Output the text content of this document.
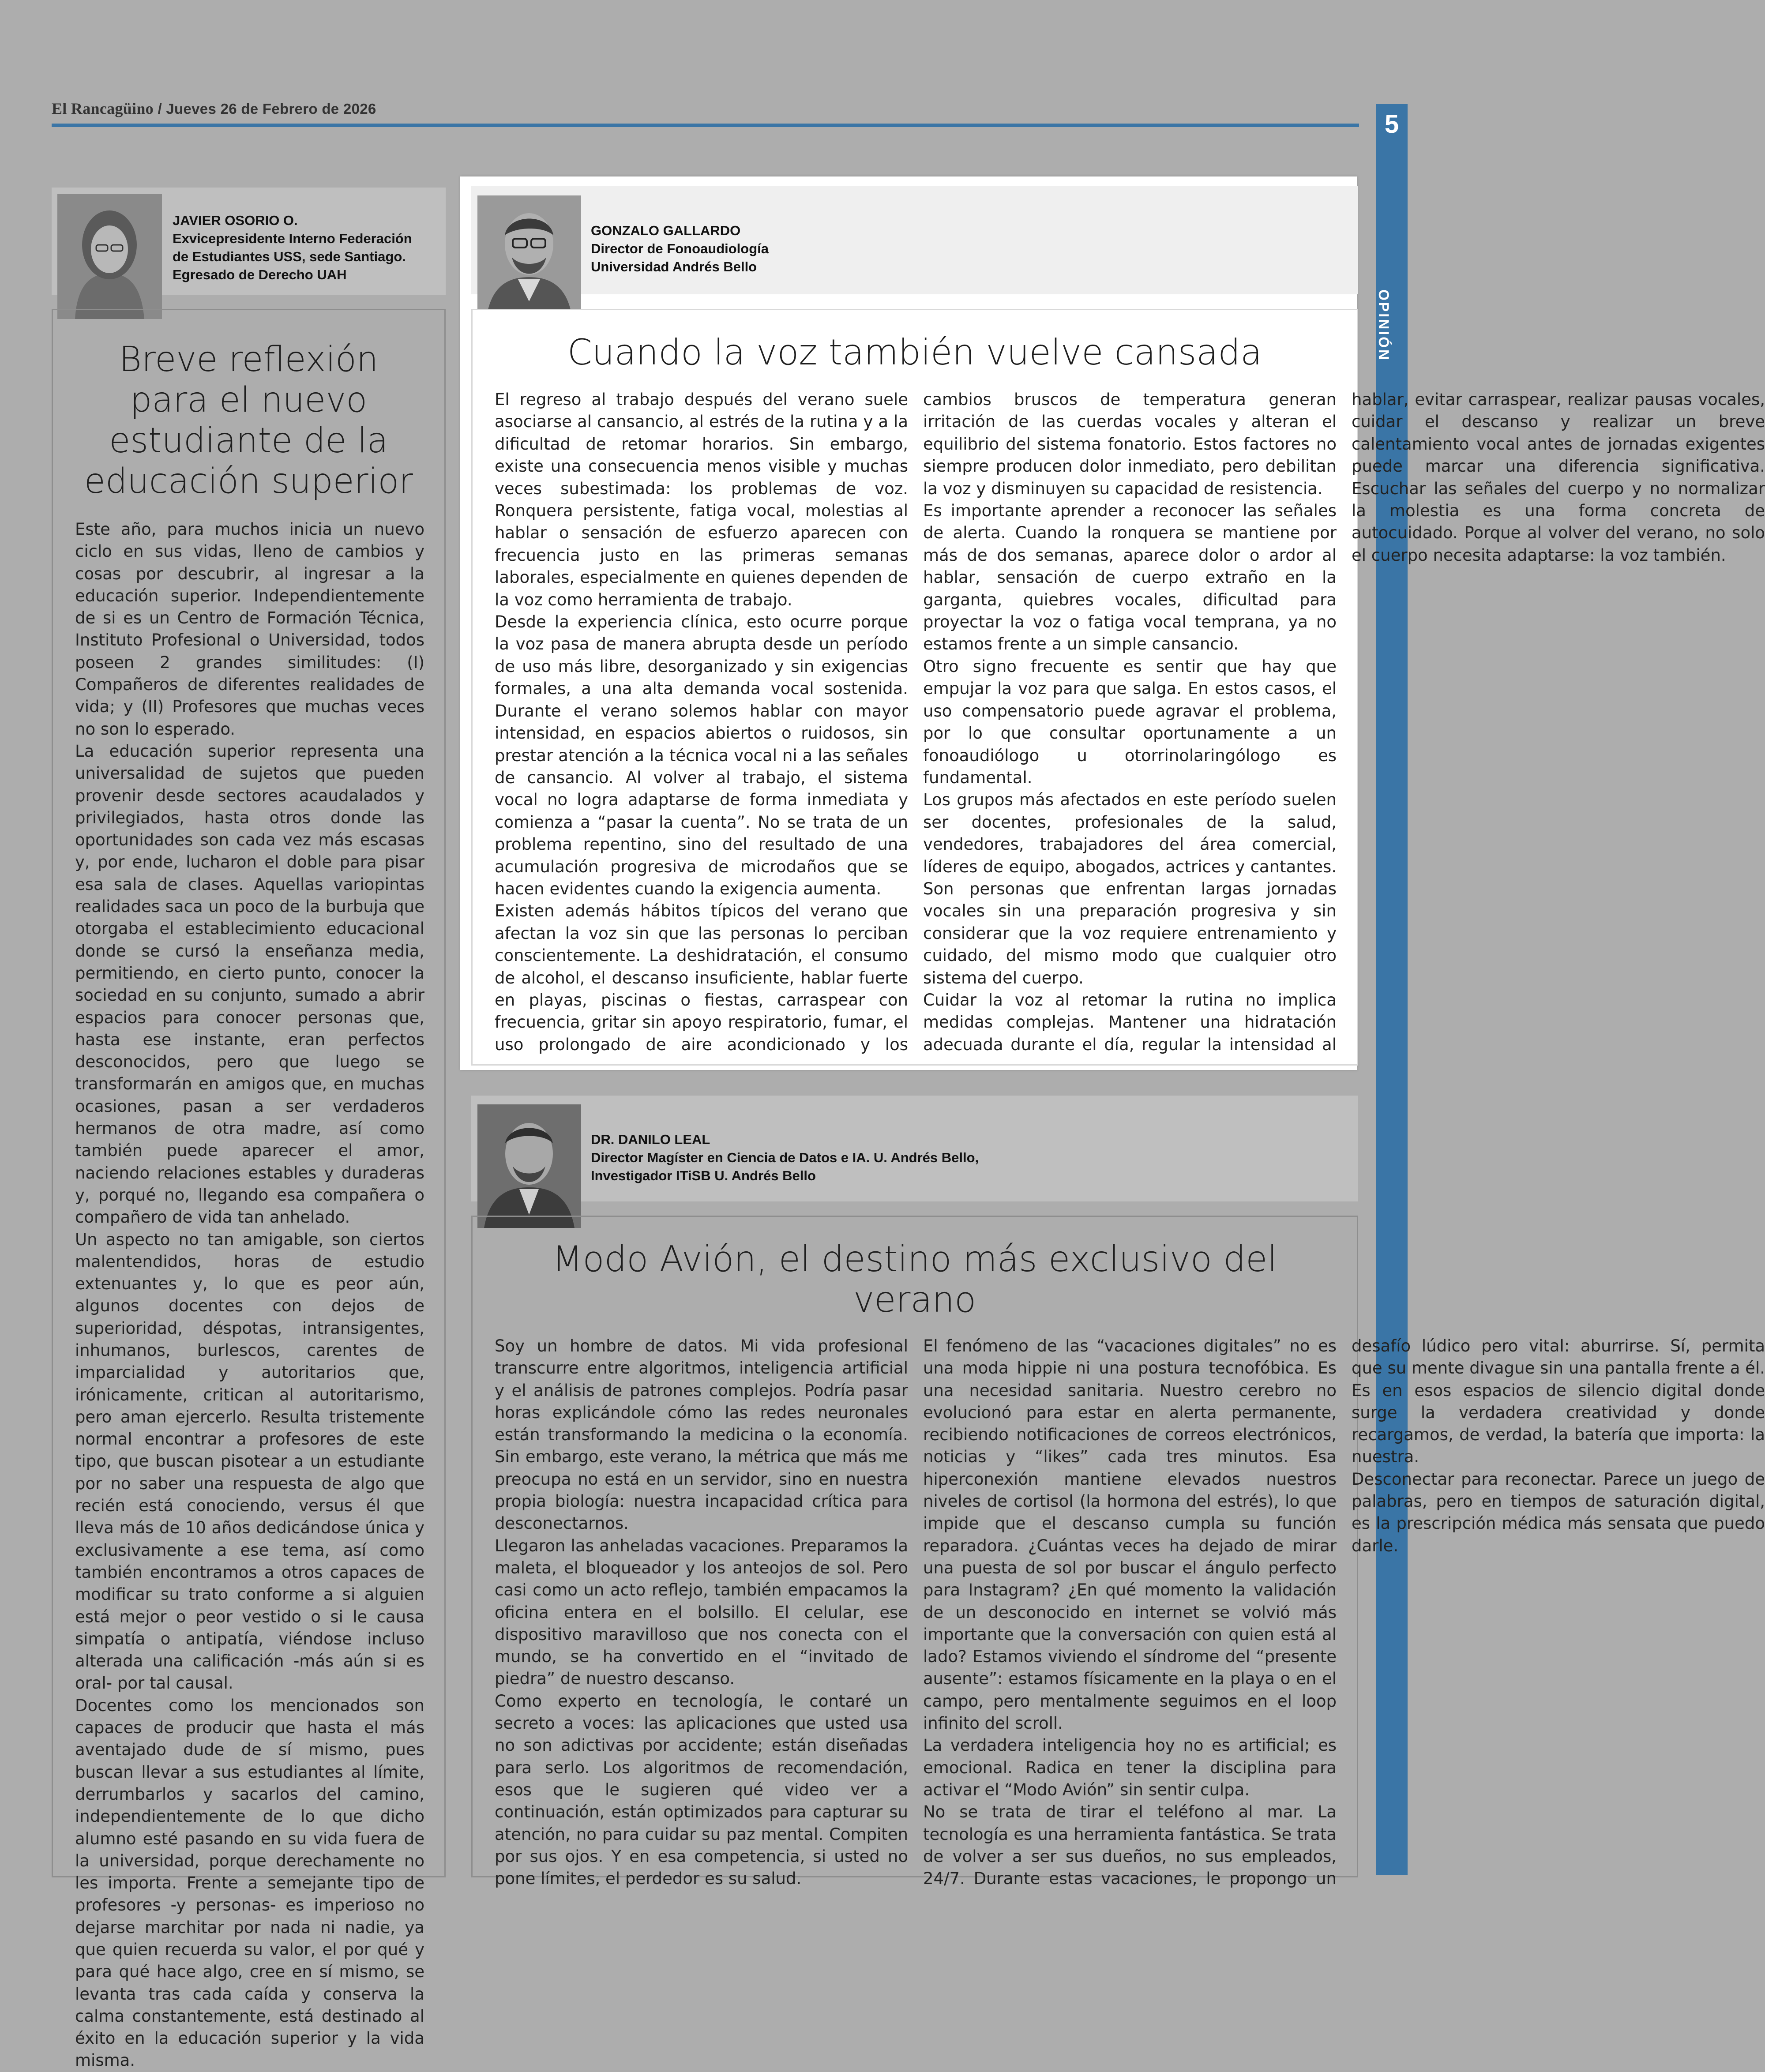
El Rancagüino / Jueves 26 de Febrero de 2026
5
OPINIÓN
JAVIER OSORIO O.
Exvicepresidente Interno Federación
de Estudiantes USS, sede Santiago.
Egresado de Derecho UAH
Breve reflexión para el nuevo estudiante de la educación superior

Este año, para muchos inicia un nuevo ciclo en sus vidas, lleno de cambios y cosas por descubrir, al ingresar a la educación superior. Independientemente de si es un Centro de Formación Técnica, Instituto Profesional o Universidad, todos poseen 2 grandes similitudes: (I) Compañeros de diferentes realidades de vida; y (II) Profesores que muchas veces no son lo esperado.

La educación superior representa una universalidad de sujetos que pueden provenir desde sectores acaudalados y privilegiados, hasta otros donde las oportunidades son cada vez más escasas y, por ende, lucharon el doble para pisar esa sala de clases. Aquellas variopintas realidades saca un poco de la burbuja que otorgaba el establecimiento educacional donde se cursó la enseñanza media, permitiendo, en cierto punto, conocer la sociedad en su conjunto, sumado a abrir espacios para conocer personas que, hasta ese instante, eran perfectos desconocidos, pero que luego se transformarán en amigos que, en muchas ocasiones, pasan a ser verdaderos hermanos de otra madre, así como también puede aparecer el amor, naciendo relaciones estables y duraderas y, porqué no, llegando esa compañera o compañero de vida tan anhelado.

Un aspecto no tan amigable, son ciertos malentendidos, horas de estudio extenuantes y, lo que es peor aún, algunos docentes con dejos de superioridad, déspotas, intransigentes, inhumanos, burlescos, carentes de imparcialidad y autoritarios que, irónicamente, critican al autoritarismo, pero aman ejercerlo. Resulta tristemente normal encontrar a profesores de este tipo, que buscan pisotear a un estudiante por no saber una respuesta de algo que recién está conociendo, versus él que lleva más de 10 años dedicándose única y exclusivamente a ese tema, así como también encontramos a otros capaces de modificar su trato conforme a si alguien está mejor o peor vestido o si le causa simpatía o antipatía, viéndose incluso alterada una calificación -más aún si es oral- por tal causal.

Docentes como los mencionados son capaces de producir que hasta el más aventajado dude de sí mismo, pues buscan llevar a sus estudiantes al límite, derrumbarlos y sacarlos del camino, independientemente de lo que dicho alumno esté pasando en su vida fuera de la universidad, porque derechamente no les importa. Frente a semejante tipo de profesores -y personas- es imperioso no dejarse marchitar por nada ni nadie, ya que quien recuerda su valor, el por qué y para qué hace algo, cree en sí mismo, se levanta tras cada caída y conserva la calma constantemente, está destinado al éxito en la educación superior y la vida misma.

GONZALO GALLARDO
Director de Fonoaudiología
Universidad Andrés Bello
Cuando la voz también vuelve cansada

El regreso al trabajo después del verano suele asociarse al cansancio, al estrés de la rutina y a la dificultad de retomar horarios. Sin embargo, existe una consecuencia menos visible y muchas veces subestimada: los problemas de voz. Ronquera persistente, fatiga vocal, molestias al hablar o sensación de esfuerzo aparecen con frecuencia justo en las primeras semanas laborales, especialmente en quienes dependen de la voz como herramienta de trabajo.

Desde la experiencia clínica, esto ocurre porque la voz pasa de manera abrupta desde un período de uso más libre, desorganizado y sin exigencias formales, a una alta demanda vocal sostenida. Durante el verano solemos hablar con mayor intensidad, en espacios abiertos o ruidosos, sin prestar atención a la técnica vocal ni a las señales de cansancio. Al volver al trabajo, el sistema vocal no logra adaptarse de forma inmediata y comienza a “pasar la cuenta”. No se trata de un problema repentino, sino del resultado de una acumulación progresiva de microdaños que se hacen evidentes cuando la exigencia aumenta.

Existen además hábitos típicos del verano que afectan la voz sin que las personas lo perciban conscientemente. La deshidratación, el consumo de alcohol, el descanso insuficiente, hablar fuerte en playas, piscinas o fiestas, carraspear con frecuencia, gritar sin apoyo respiratorio, fumar, el uso prolongado de aire acondicionado y los cambios bruscos de temperatura generan irritación de las cuerdas vocales y alteran el equilibrio del sistema fonatorio. Estos factores no siempre producen dolor inmediato, pero debilitan la voz y disminuyen su capacidad de resistencia.

Es importante aprender a reconocer las señales de alerta. Cuando la ronquera se mantiene por más de dos semanas, aparece dolor o ardor al hablar, sensación de cuerpo extraño en la garganta, quiebres vocales, dificultad para proyectar la voz o fatiga vocal temprana, ya no estamos frente a un simple cansancio.

Otro signo frecuente es sentir que hay que empujar la voz para que salga. En estos casos, el uso compensatorio puede agravar el problema, por lo que consultar oportunamente a un fonoaudiólogo u otorrinolaringólogo es fundamental.

Los grupos más afectados en este período suelen ser docentes, profesionales de la salud, vendedores, trabajadores del área comercial, líderes de equipo, abogados, actrices y cantantes. Son personas que enfrentan largas jornadas vocales sin una preparación progresiva y sin considerar que la voz requiere entrenamiento y cuidado, del mismo modo que cualquier otro sistema del cuerpo.

Cuidar la voz al retomar la rutina no implica medidas complejas. Mantener una hidratación adecuada durante el día, regular la intensidad al hablar, evitar carraspear, realizar pausas vocales, cuidar el descanso y realizar un breve calentamiento vocal antes de jornadas exigentes puede marcar una diferencia significativa. Escuchar las señales del cuerpo y no normalizar la molestia es una forma concreta de autocuidado. Porque al volver del verano, no solo el cuerpo necesita adaptarse: la voz también.

DR. DANILO LEAL
Director Magíster en Ciencia de Datos e IA. U. Andrés Bello,
Investigador ITiSB U. Andrés Bello
Modo Avión, el destino más exclusivo del verano

Soy un hombre de datos. Mi vida profesional transcurre entre algoritmos, inteligencia artificial y el análisis de patrones complejos. Podría pasar horas explicándole cómo las redes neuronales están transformando la medicina o la economía. Sin embargo, este verano, la métrica que más me preocupa no está en un servidor, sino en nuestra propia biología: nuestra incapacidad crítica para desconectarnos.

Llegaron las anheladas vacaciones. Preparamos la maleta, el bloqueador y los anteojos de sol. Pero casi como un acto reflejo, también empacamos la oficina entera en el bolsillo. El celular, ese dispositivo maravilloso que nos conecta con el mundo, se ha convertido en el “invitado de piedra” de nuestro descanso.

Como experto en tecnología, le contaré un secreto a voces: las aplicaciones que usted usa no son adictivas por accidente; están diseñadas para serlo. Los algoritmos de recomendación, esos que le sugieren qué video ver a continuación, están optimizados para capturar su atención, no para cuidar su paz mental. Compiten por sus ojos. Y en esa competencia, si usted no pone límites, el perdedor es su salud.

El fenómeno de las “vacaciones digitales” no es una moda hippie ni una postura tecnofóbica. Es una necesidad sanitaria. Nuestro cerebro no evolucionó para estar en alerta permanente, recibiendo notificaciones de correos electrónicos, noticias y “likes” cada tres minutos. Esa hiperconexión mantiene elevados nuestros niveles de cortisol (la hormona del estrés), lo que impide que el descanso cumpla su función reparadora. ¿Cuántas veces ha dejado de mirar una puesta de sol por buscar el ángulo perfecto para Instagram? ¿En qué momento la validación de un desconocido en internet se volvió más importante que la conversación con quien está al lado? Estamos viviendo el síndrome del “presente ausente”: estamos físicamente en la playa o en el campo, pero mentalmente seguimos en el loop infinito del scroll.

La verdadera inteligencia hoy no es artificial; es emocional. Radica en tener la disciplina para activar el “Modo Avión” sin sentir culpa.

No se trata de tirar el teléfono al mar. La tecnología es una herramienta fantástica. Se trata de volver a ser sus dueños, no sus empleados, 24/7. Durante estas vacaciones, le propongo un desafío lúdico pero vital: aburrirse. Sí, permita que su mente divague sin una pantalla frente a él. Es en esos espacios de silencio digital donde surge la verdadera creatividad y donde recargamos, de verdad, la batería que importa: la nuestra.

Desconectar para reconectar. Parece un juego de palabras, pero en tiempos de saturación digital, es la prescripción médica más sensata que puedo darle.
